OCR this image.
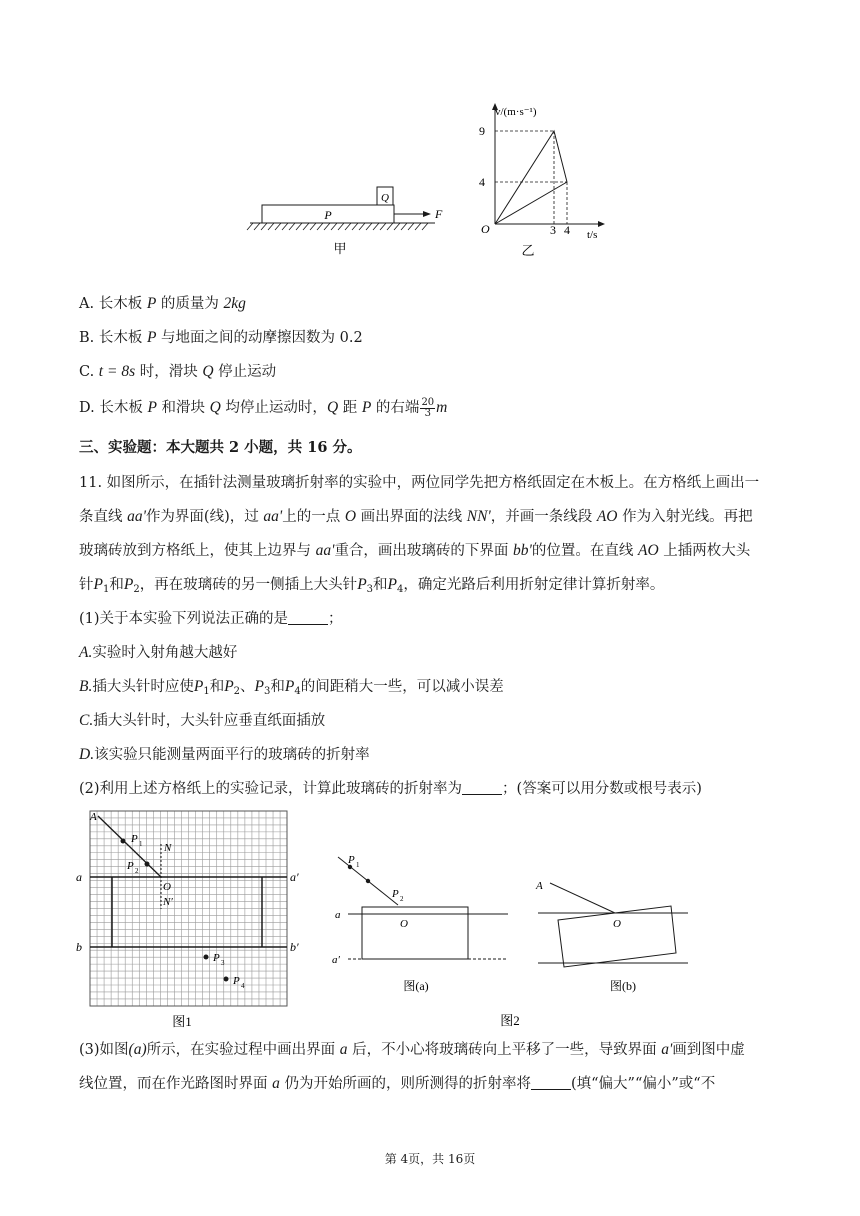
P
Q
F
甲
v/(m·s⁻¹)
t/s
O
9
4
3 4
乙
A. 长木板 P 的质量为 2kg
B. 长木板 P 与地面之间的动摩擦因数为 0.2
C. t = 8s 时，滑块 Q 停止运动
D. 长木板 P 和滑块 Q 均停止运动时，Q 距 P 的右端 $\frac{20}{3}$ m
三、实验题：本大题共 2 小题，共 16 分。
11. 如图所示，在插针法测量玻璃折射率的实验中，两位同学先把方格纸固定在木板上。在方格纸上画出一
条直线 aa'作为界面(线)，过 aa'上的一点 O 画出界面的法线 NN'，并画一条线段 AO 作为入射光线。再把
玻璃砖放到方格纸上，使其上边界与 aa'重合，画出玻璃砖的下界面 bb'的位置。在直线 AO 上插两枚大头
针$P_1$和$P_2$，再在玻璃砖的另一侧插上大头针$P_3$和$P_4$，确定光路后利用折射定律计算折射率。
(1)关于本实验下列说法正确的是	；
A.实验时入射角越大越好
B.插大头针时应使$P_1$和$P_2$、$P_3$和$P_4$的间距稍大一些，可以减小误差
C.插大头针时，大头针应垂直纸面插放
D.该实验只能测量两面平行的玻璃砖的折射率
(2)利用上述方格纸上的实验记录，计算此玻璃砖的折射率为	；(答案可以用分数或根号表示)
A
P 1
P 2
N
O
N′
a	a′
b	b′
P 3
P 4
图1
P 1
P 2
a
O
a′
图(a)
A
O
图(b)
图2
(3)如图(a)所示，在实验过程中画出界面 a 后，不小心将玻璃砖向上平移了一些，导致界面 a'画到图中虚
线位置，而在作光路图时界面 a 仍为开始所画的，则所测得的折射率将	(填“偏大”“偏小”或“不
第 4页，共 16页
